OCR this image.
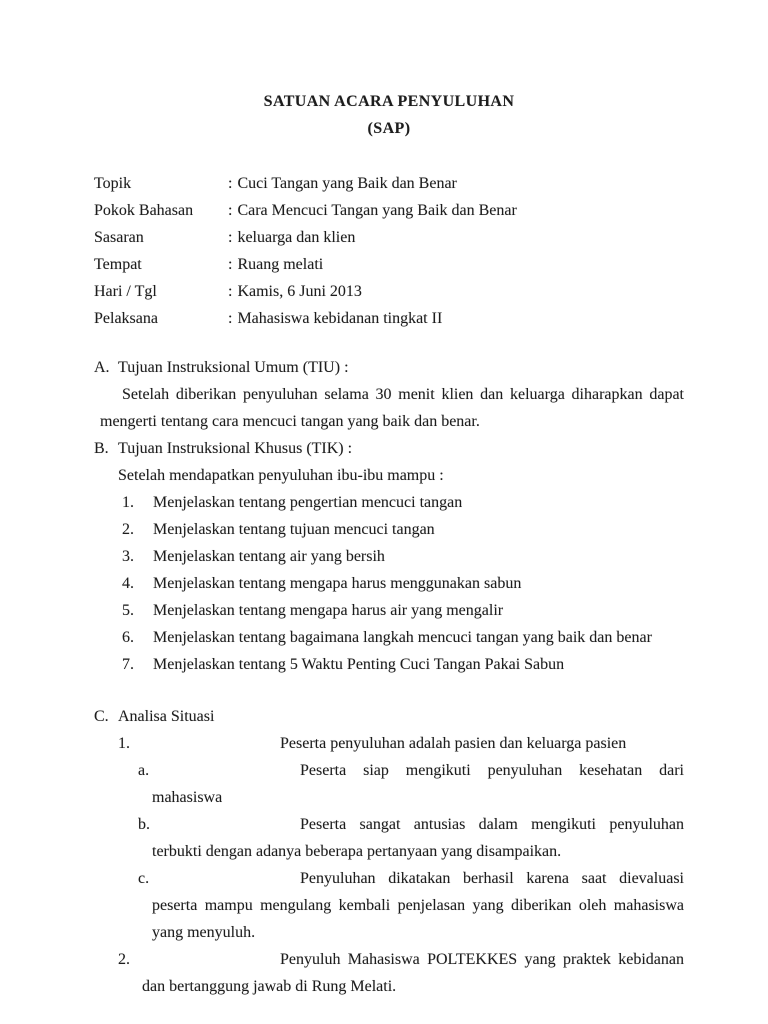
SATUAN ACARA PENYULUHAN
(SAP)
Topik	: Cuci Tangan yang Baik dan Benar
Pokok Bahasan : Cara Mencuci Tangan yang Baik dan Benar
Sasaran	: keluarga dan klien
Tempat	: Ruang melati
Hari / Tgl	: Kamis, 6 Juni 2013
Pelaksana	: Mahasiswa kebidanan tingkat II
A. Tujuan Instruksional Umum (TIU) :

Setelah diberikan penyuluhan selama 30 menit klien dan keluarga diharapkan dapat mengerti tentang cara mencuci tangan yang baik dan benar.

B. Tujuan Instruksional Khusus (TIK) :
Setelah mendapatkan penyuluhan ibu-ibu mampu :
1. Menjelaskan tentang pengertian mencuci tangan
2. Menjelaskan tentang tujuan mencuci tangan
3. Menjelaskan tentang air yang bersih
4. Menjelaskan tentang mengapa harus menggunakan sabun
5. Menjelaskan tentang mengapa harus air yang mengalir
6. Menjelaskan tentang bagaimana langkah mencuci tangan yang baik dan benar
7. Menjelaskan tentang 5 Waktu Penting Cuci Tangan Pakai Sabun
C. Analisa Situasi
1.	Peserta penyuluhan adalah pasien dan keluarga pasien
a.	Peserta siap mengikuti penyuluhan kesehatan dari mahasiswa
b.	Peserta sangat antusias dalam mengikuti penyuluhan terbukti dengan adanya beberapa pertanyaan yang disampaikan.
c.	Penyuluhan dikatakan berhasil karena saat dievaluasi peserta mampu mengulang kembali penjelasan yang diberikan oleh mahasiswa yang menyuluh.
2.	Penyuluh Mahasiswa POLTEKKES yang praktek kebidanan dan bertanggung jawab di Rung Melati.
